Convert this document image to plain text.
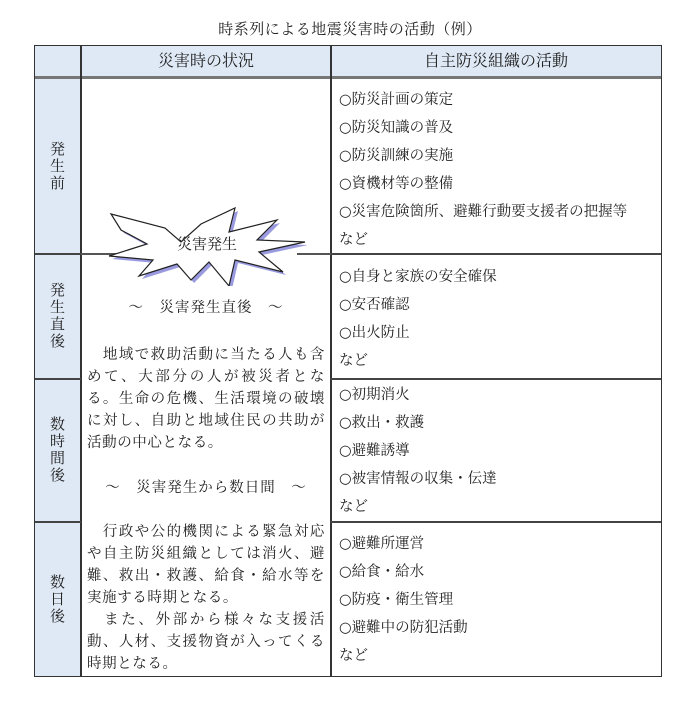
時系列による地震災害時の活動（例）
災害時の状況	自主防災組織の活動
発生前
発生直後
数時間後
数日後
○防災計画の策定
○防災知識の普及
○防災訓練の実施
○資機材等の整備
○災害危険箇所、避難行動要支援者の把握等
など
○自身と家族の安全確保
○安否確認
○出火防止
など
○初期消火
○救出・救護
○避難誘導
○被害情報の収集・伝達
など
○避難所運営
○給食・給水
○防疫・衛生管理
○避難中の防犯活動
など
災害発生
～　災害発生直後　～
　地域で救助活動に当たる人も含めて、大部分の人が被災者となる。生命の危機、生活環境の破壊に対し、自助と地域住民の共助が活動の中心となる。
～　災害発生から数日間　～
　行政や公的機関による緊急対応や自主防災組織としては消火、避難、救出・救護、給食・給水等を実施する時期となる。
　また、外部から様々な支援活動、人材、支援物資が入ってくる時期となる。
